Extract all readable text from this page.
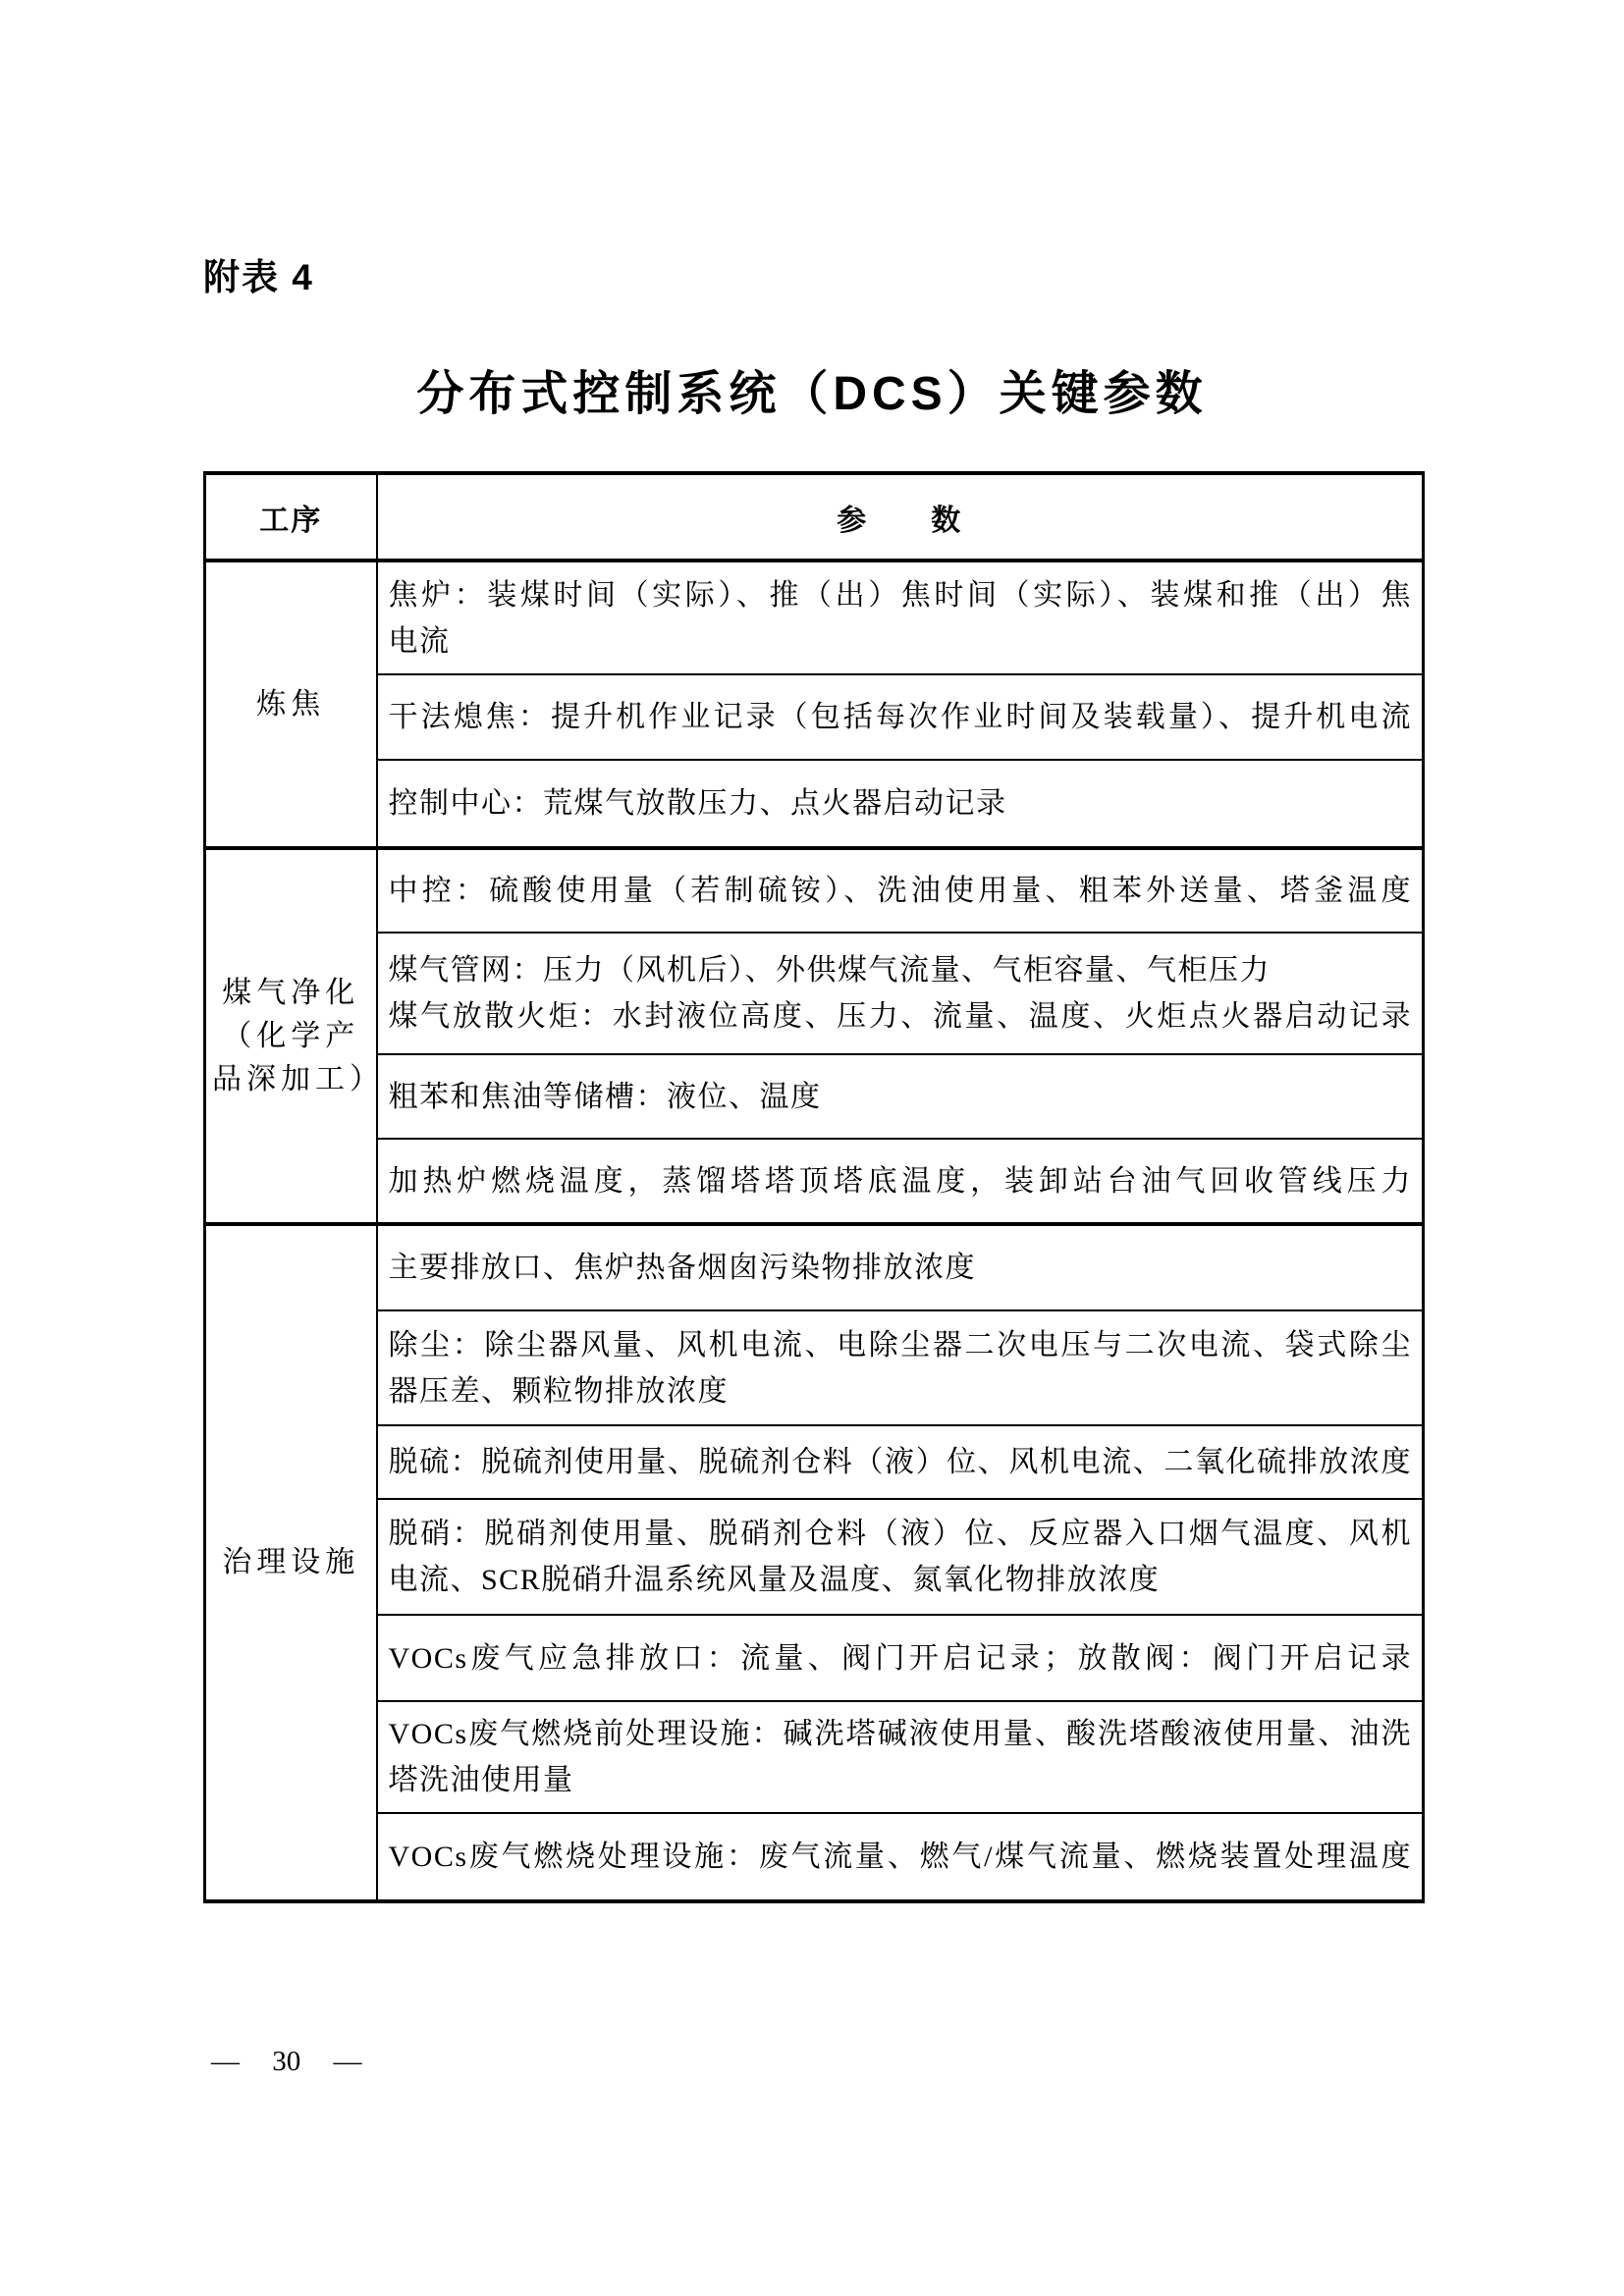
附表 4
分布式控制系统（DCS）关键参数
工序	参　　数

炼焦	焦炉：装煤时间（实际）、推（出）焦时间（实际）、装煤和推（出）焦
电流

	干法熄焦：提升机作业记录（包括每次作业时间及装载量）、提升机电流

	控制中心：荒煤气放散压力、点火器启动记录

煤气净化
（化学产
品深加工）	中控：硫酸使用量（若制硫铵）、洗油使用量、粗苯外送量、塔釜温度

	煤气管网：压力（风机后）、外供煤气流量、气柜容量、气柜压力
煤气放散火炬：水封液位高度、压力、流量、温度、火炬点火器启动记录

	粗苯和焦油等储槽：液位、温度

	加热炉燃烧温度，蒸馏塔塔顶塔底温度，装卸站台油气回收管线压力

治理设施	主要排放口、焦炉热备烟囱污染物排放浓度

	除尘：除尘器风量、风机电流、电除尘器二次电压与二次电流、袋式除尘
器压差、颗粒物排放浓度

	脱硫：脱硫剂使用量、脱硫剂仓料（液）位、风机电流、二氧化硫排放浓度

	脱硝：脱硝剂使用量、脱硝剂仓料（液）位、反应器入口烟气温度、风机
电流、SCR脱硝升温系统风量及温度、氮氧化物排放浓度

	VOCs废气应急排放口：流量、阀门开启记录；放散阀：阀门开启记录

	VOCs废气燃烧前处理设施：碱洗塔碱液使用量、酸洗塔酸液使用量、油洗
塔洗油使用量

	VOCs废气燃烧处理设施：废气流量、燃气/煤气流量、燃烧装置处理温度
— 30 —
